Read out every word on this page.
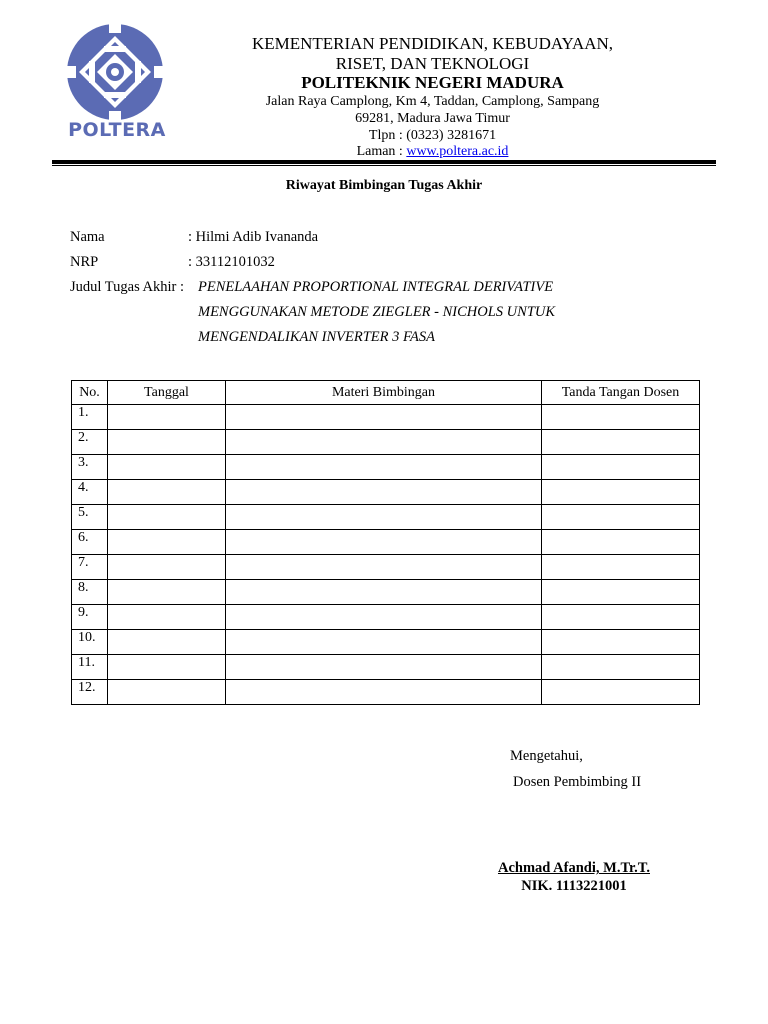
POLTERA
KEMENTERIAN PENDIDIKAN, KEBUDAYAAN,
RISET, DAN TEKNOLOGI
POLITEKNIK NEGERI MADURA
Jalan Raya Camplong, Km 4, Taddan, Camplong, Sampang
69281, Madura Jawa Timur
Tlpn : (0323) 3281671
Laman : www.poltera.ac.id
Riwayat Bimbingan Tugas Akhir
Nama	: Hilmi Adib Ivananda
NRP	: 33112101032
Judul Tugas Akhir : PENELAAHAN PROPORTIONAL INTEGRAL DERIVATIVE
MENGGUNAKAN METODE ZIEGLER - NICHOLS UNTUK
MENGENDALIKAN INVERTER 3 FASA
No.	Tanggal	Materi Bimbingan	Tanda Tangan Dosen
1.			
2.			
3.			
4.			
5.			
6.			
7.			
8.			
9.			
10.			
11.			
12.			
Mengetahui,
Dosen Pembimbing II
Achmad Afandi, M.Tr.T.
NIK. 1113221001
